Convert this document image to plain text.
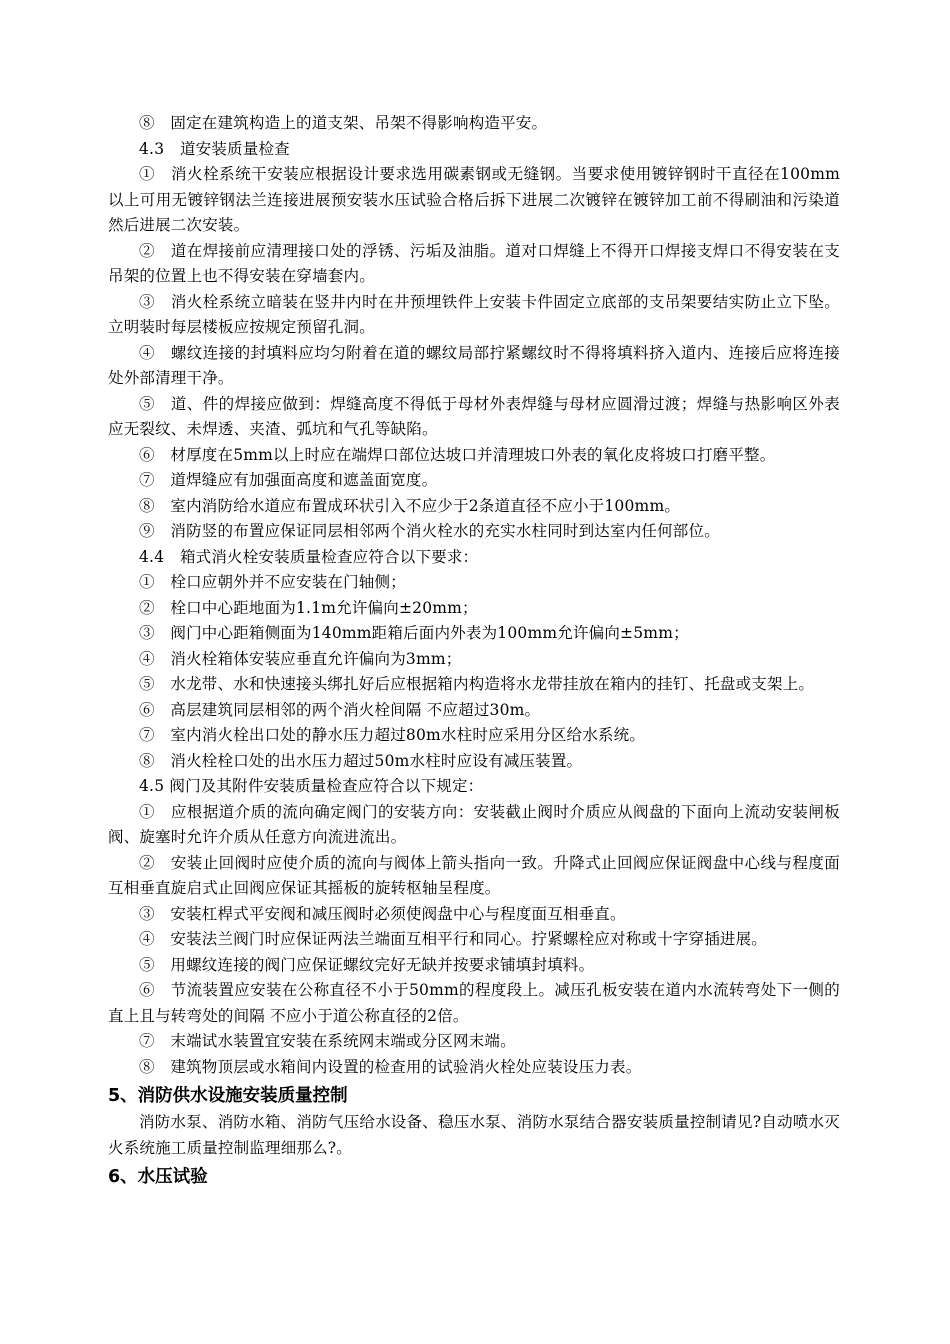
⑧　固定在建筑构造上的道支架、吊架不得影响构造平安。

4.3　道安装质量检查

①　消火栓系统干安装应根据设计要求选用碳素钢或无缝钢。当要求使用镀锌钢时干直径在100mm以上可用无镀锌钢法兰连接进展预安装水压试验合格后拆下进展二次镀锌在镀锌加工前不得刷油和污染道然后进展二次安装。

②　道在焊接前应清理接口处的浮锈、污垢及油脂。道对口焊缝上不得开口焊接支焊口不得安装在支吊架的位置上也不得安装在穿墙套内。

③　消火栓系统立暗装在竖井内时在井预埋铁件上安装卡件固定立底部的支吊架要结实防止立下坠。立明装时每层楼板应按规定预留孔洞。

④　螺纹连接的封填料应均匀附着在道的螺纹局部拧紧螺纹时不得将填料挤入道内、连接后应将连接处外部清理干净。

⑤　道、件的焊接应做到：焊缝高度不得低于母材外表焊缝与母材应圆滑过渡；焊缝与热影响区外表应无裂纹、未焊透、夹渣、弧坑和气孔等缺陷。

⑥　材厚度在5mm以上时应在端焊口部位达坡口并清理坡口外表的氧化皮将坡口打磨平整。

⑦　道焊缝应有加强面高度和遮盖面宽度。

⑧　室内消防给水道应布置成环状引入不应少于2条道直径不应小于100mm。

⑨　消防竖的布置应保证同层相邻两个消火栓水的充实水柱同时到达室内任何部位。

4.4　箱式消火栓安装质量检查应符合以下要求：

①　栓口应朝外并不应安装在门轴侧；

②　栓口中心距地面为1.1m允许偏向±20mm；

③　阀门中心距箱侧面为140mm距箱后面内外表为100mm允许偏向±5mm；

④　消火栓箱体安装应垂直允许偏向为3mm；

⑤　水龙带、水和快速接头绑扎好后应根据箱内构造将水龙带挂放在箱内的挂钉、托盘或支架上。

⑥　高层建筑同层相邻的两个消火栓间隔 不应超过30m。

⑦　室内消火栓出口处的静水压力超过80m水柱时应采用分区给水系统。

⑧　消火栓栓口处的出水压力超过50m水柱时应设有减压装置。

4.5 阀门及其附件安装质量检查应符合以下规定：

①　应根据道介质的流向确定阀门的安装方向：安装截止阀时介质应从阀盘的下面向上流动安装闸板阀、旋塞时允许介质从任意方向流进流出。

②　安装止回阀时应使介质的流向与阀体上箭头指向一致。升降式止回阀应保证阀盘中心线与程度面互相垂直旋启式止回阀应保证其摇板的旋转枢轴呈程度。

③　安装杠桿式平安阀和减压阀时必须使阀盘中心与程度面互相垂直。

④　安装法兰阀门时应保证两法兰端面互相平行和同心。拧紧螺栓应对称或十字穿插进展。

⑤　用螺纹连接的阀门应保证螺纹完好无缺并按要求铺填封填料。

⑥　节流装置应安装在公称直径不小于50mm的程度段上。减压孔板安装在道内水流转弯处下一侧的直上且与转弯处的间隔 不应小于道公称直径的2倍。

⑦　末端试水装置宜安装在系统网末端或分区网末端。

⑧　建筑物顶层或水箱间内设置的检查用的试验消火栓处应装设压力表。

5、消防供水设施安装质量控制

消防水泵、消防水箱、消防气压给水设备、稳压水泵、消防水泵结合器安装质量控制请见?自动喷水灭火系统施工质量控制监理细那么?。

6、水压试验
